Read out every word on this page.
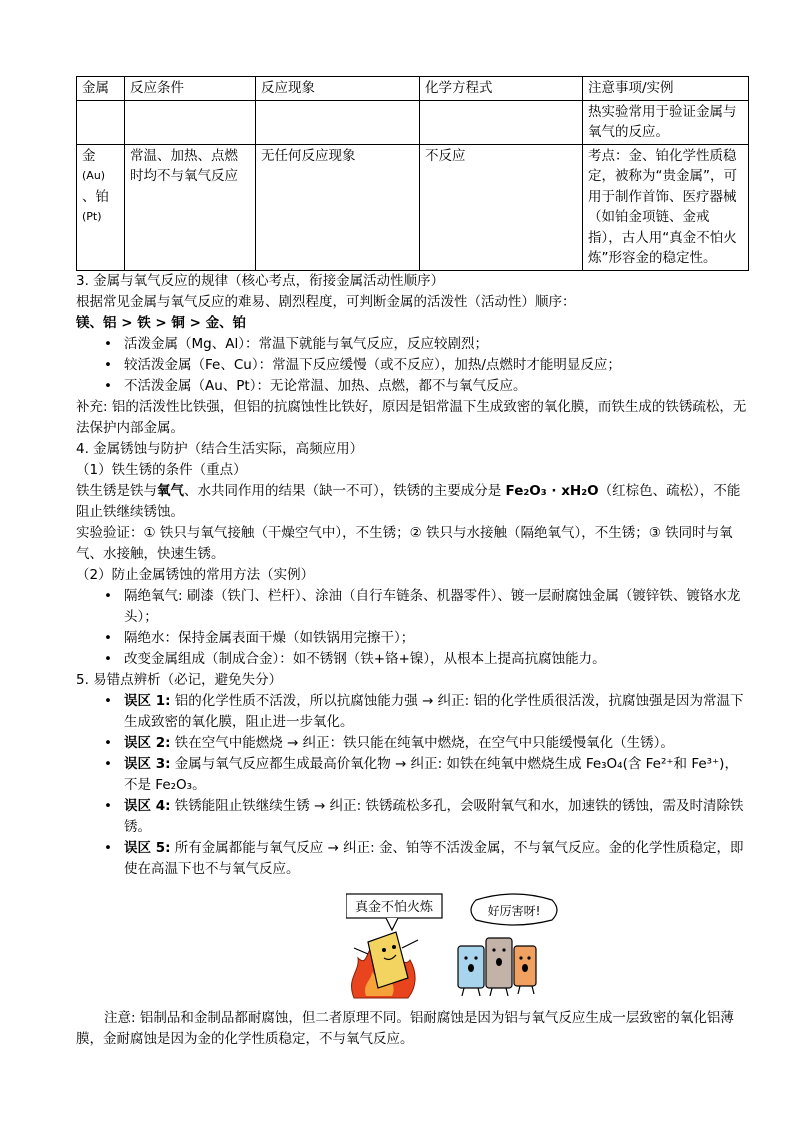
金属	反应条件	反应现象	化学方程式	注意事项/实例
				热实验常用于验证金属与氧气的反应。

金
(Au)
、铂
(Pt)	常温、加热、点燃时均不与氧气反应	无任何反应现象	不反应	考点：金、铂化学性质稳定，被称为“贵金属”，可用于制作首饰、医疗器械（如铂金项链、金戒指），古人用“真金不怕火炼”形容金的稳定性。

3. 金属与氧气反应的规律（核心考点，衔接金属活动性顺序）

根据常见金属与氧气反应的难易、剧烈程度，可判断金属的活泼性（活动性）顺序：

镁、铝 > 铁 > 铜 > 金、铂

• 活泼金属（Mg、Al）：常温下就能与氧气反应，反应较剧烈；
• 较活泼金属（Fe、Cu）：常温下反应缓慢（或不反应），加热/点燃时才能明显反应；
• 不活泼金属（Au、Pt）：无论常温、加热、点燃，都不与氧气反应。

补充: 铝的活泼性比铁强，但铝的抗腐蚀性比铁好，原因是铝常温下生成致密的氧化膜，而铁生成的铁锈疏松，无法保护内部金属。

4. 金属锈蚀与防护（结合生活实际，高频应用）

（1）铁生锈的条件（重点）

铁生锈是铁与氧气、水共同作用的结果（缺一不可），铁锈的主要成分是 Fe₂O₃ · xH₂O（红棕色、疏松），不能阻止铁继续锈蚀。

实验验证：① 铁只与氧气接触（干燥空气中），不生锈；② 铁只与水接触（隔绝氧气），不生锈；③ 铁同时与氧气、水接触，快速生锈。

（2）防止金属锈蚀的常用方法（实例）

• 隔绝氧气: 刷漆（铁门、栏杆）、涂油（自行车链条、机器零件）、镀一层耐腐蚀金属（镀锌铁、镀铬水龙头）；
• 隔绝水：保持金属表面干燥（如铁锅用完擦干）；
• 改变金属组成（制成合金）：如不锈钢（铁+铬+镍），从根本上提高抗腐蚀能力。

5. 易错点辨析（必记，避免失分）

• 误区 1: 铝的化学性质不活泼，所以抗腐蚀能力强 → 纠正: 铝的化学性质很活泼，抗腐蚀强是因为常温下生成致密的氧化膜，阻止进一步氧化。
• 误区 2: 铁在空气中能燃烧 → 纠正：铁只能在纯氧中燃烧，在空气中只能缓慢氧化（生锈）。
• 误区 3: 金属与氧气反应都生成最高价氧化物 → 纠正: 如铁在纯氧中燃烧生成 Fe₃O₄(含 Fe²⁺和 Fe³⁺)，不是 Fe₂O₃。
• 误区 4: 铁锈能阻止铁继续生锈 → 纠正: 铁锈疏松多孔，会吸附氧气和水，加速铁的锈蚀，需及时清除铁锈。
• 误区 5: 所有金属都能与氧气反应 → 纠正: 金、铂等不活泼金属，不与氧气反应。金的化学性质稳定，即使在高温下也不与氧气反应。
真金不怕火炼	好厉害呀!

注意: 铝制品和金制品都耐腐蚀，但二者原理不同。铝耐腐蚀是因为铝与氧气反应生成一层致密的氧化铝薄膜，金耐腐蚀是因为金的化学性质稳定，不与氧气反应。
